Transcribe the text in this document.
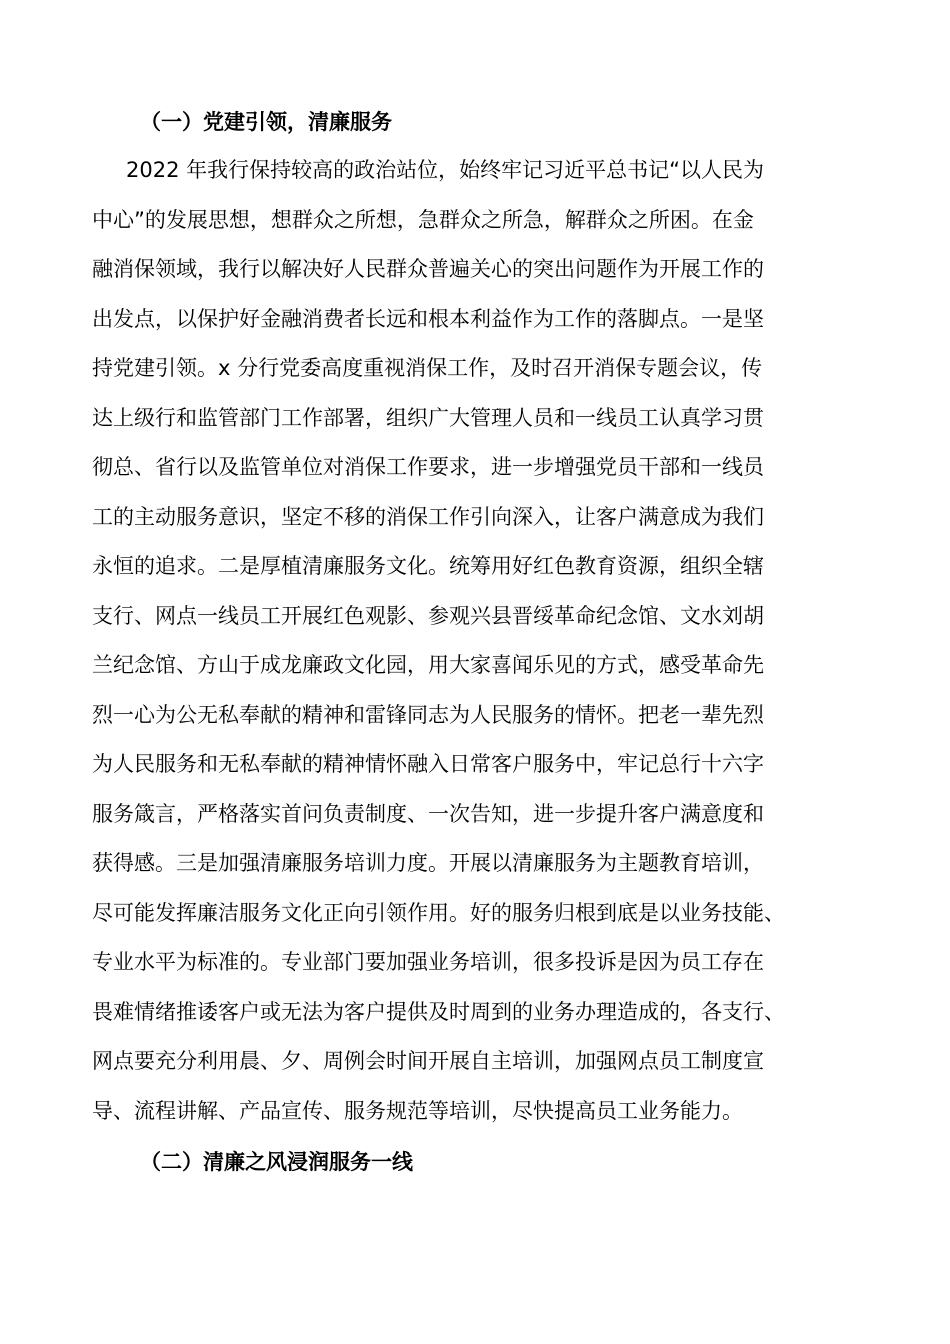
（一）党建引领，清廉服务
2022 年我行保持较高的政治站位，始终牢记习近平总书记“以人民为
中心”的发展思想，想群众之所想，急群众之所急，解群众之所困。在金
融消保领域，我行以解决好人民群众普遍关心的突出问题作为开展工作的
出发点，以保护好金融消费者长远和根本利益作为工作的落脚点。一是坚
持党建引领。x 分行党委高度重视消保工作，及时召开消保专题会议，传
达上级行和监管部门工作部署，组织广大管理人员和一线员工认真学习贯
彻总、省行以及监管单位对消保工作要求，进一步增强党员干部和一线员
工的主动服务意识，坚定不移的消保工作引向深入，让客户满意成为我们
永恒的追求。二是厚植清廉服务文化。统筹用好红色教育资源，组织全辖
支行、网点一线员工开展红色观影、参观兴县晋绥革命纪念馆、文水刘胡
兰纪念馆、方山于成龙廉政文化园，用大家喜闻乐见的方式，感受革命先
烈一心为公无私奉献的精神和雷锋同志为人民服务的情怀。把老一辈先烈
为人民服务和无私奉献的精神情怀融入日常客户服务中，牢记总行十六字
服务箴言，严格落实首问负责制度、一次告知，进一步提升客户满意度和
获得感。三是加强清廉服务培训力度。开展以清廉服务为主题教育培训，
尽可能发挥廉洁服务文化正向引领作用。好的服务归根到底是以业务技能、
专业水平为标准的。专业部门要加强业务培训，很多投诉是因为员工存在
畏难情绪推诿客户或无法为客户提供及时周到的业务办理造成的，各支行、
网点要充分利用晨、夕、周例会时间开展自主培训，加强网点员工制度宣
导、流程讲解、产品宣传、服务规范等培训，尽快提高员工业务能力。
（二）清廉之风浸润服务一线
